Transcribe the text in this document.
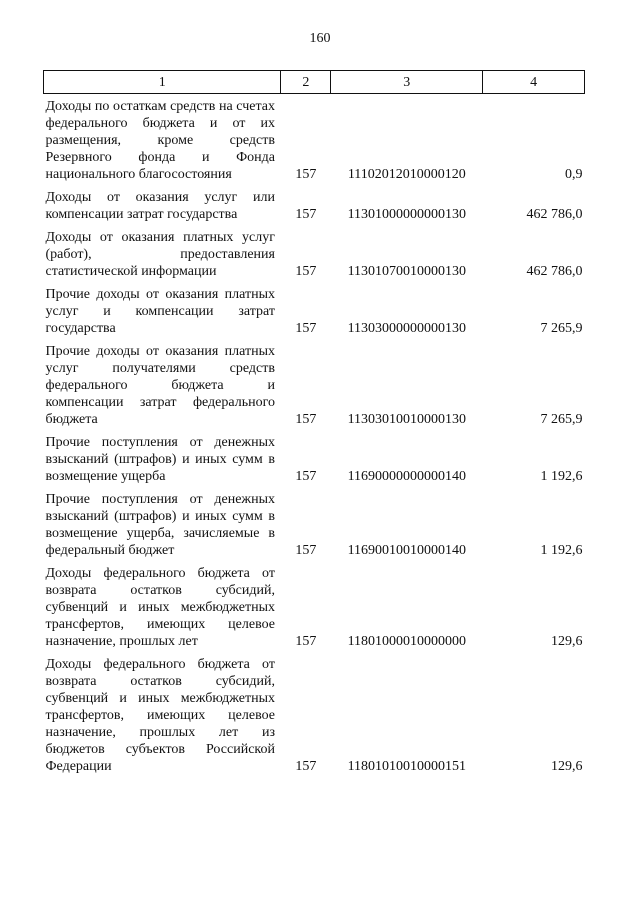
160
1	2	3	4
Доходы по остаткам средств на счетах федерального бюджета и от их размещения, кроме средств Резервного фонда и Фонда национального благосостояния	157	11102012010000120	0,9
Доходы от оказания услуг или компенсации затрат государства	157	11301000000000130	462 786,0
Доходы от оказания платных услуг (работ), предоставления статистической информации	157	11301070010000130	462 786,0
Прочие доходы от оказания платных услуг и компенсации затрат государства	157	11303000000000130	7 265,9
Прочие доходы от оказания платных услуг получателями средств федерального бюджета и компенсации затрат федерального бюджета	157	11303010010000130	7 265,9
Прочие поступления от денежных взысканий (штрафов) и иных сумм в возмещение ущерба	157	11690000000000140	1 192,6
Прочие поступления от денежных взысканий (штрафов) и иных сумм в возмещение ущерба, зачисляемые в федеральный бюджет	157	11690010010000140	1 192,6
Доходы федерального бюджета от возврата остатков субсидий, субвенций и иных межбюджетных трансфертов, имеющих целевое назначение, прошлых лет	157	11801000010000000	129,6
Доходы федерального бюджета от возврата остатков субсидий, субвенций и иных межбюджетных трансфертов, имеющих целевое назначение, прошлых лет из бюджетов субъектов Российской Федерации	157	11801010010000151	129,6
